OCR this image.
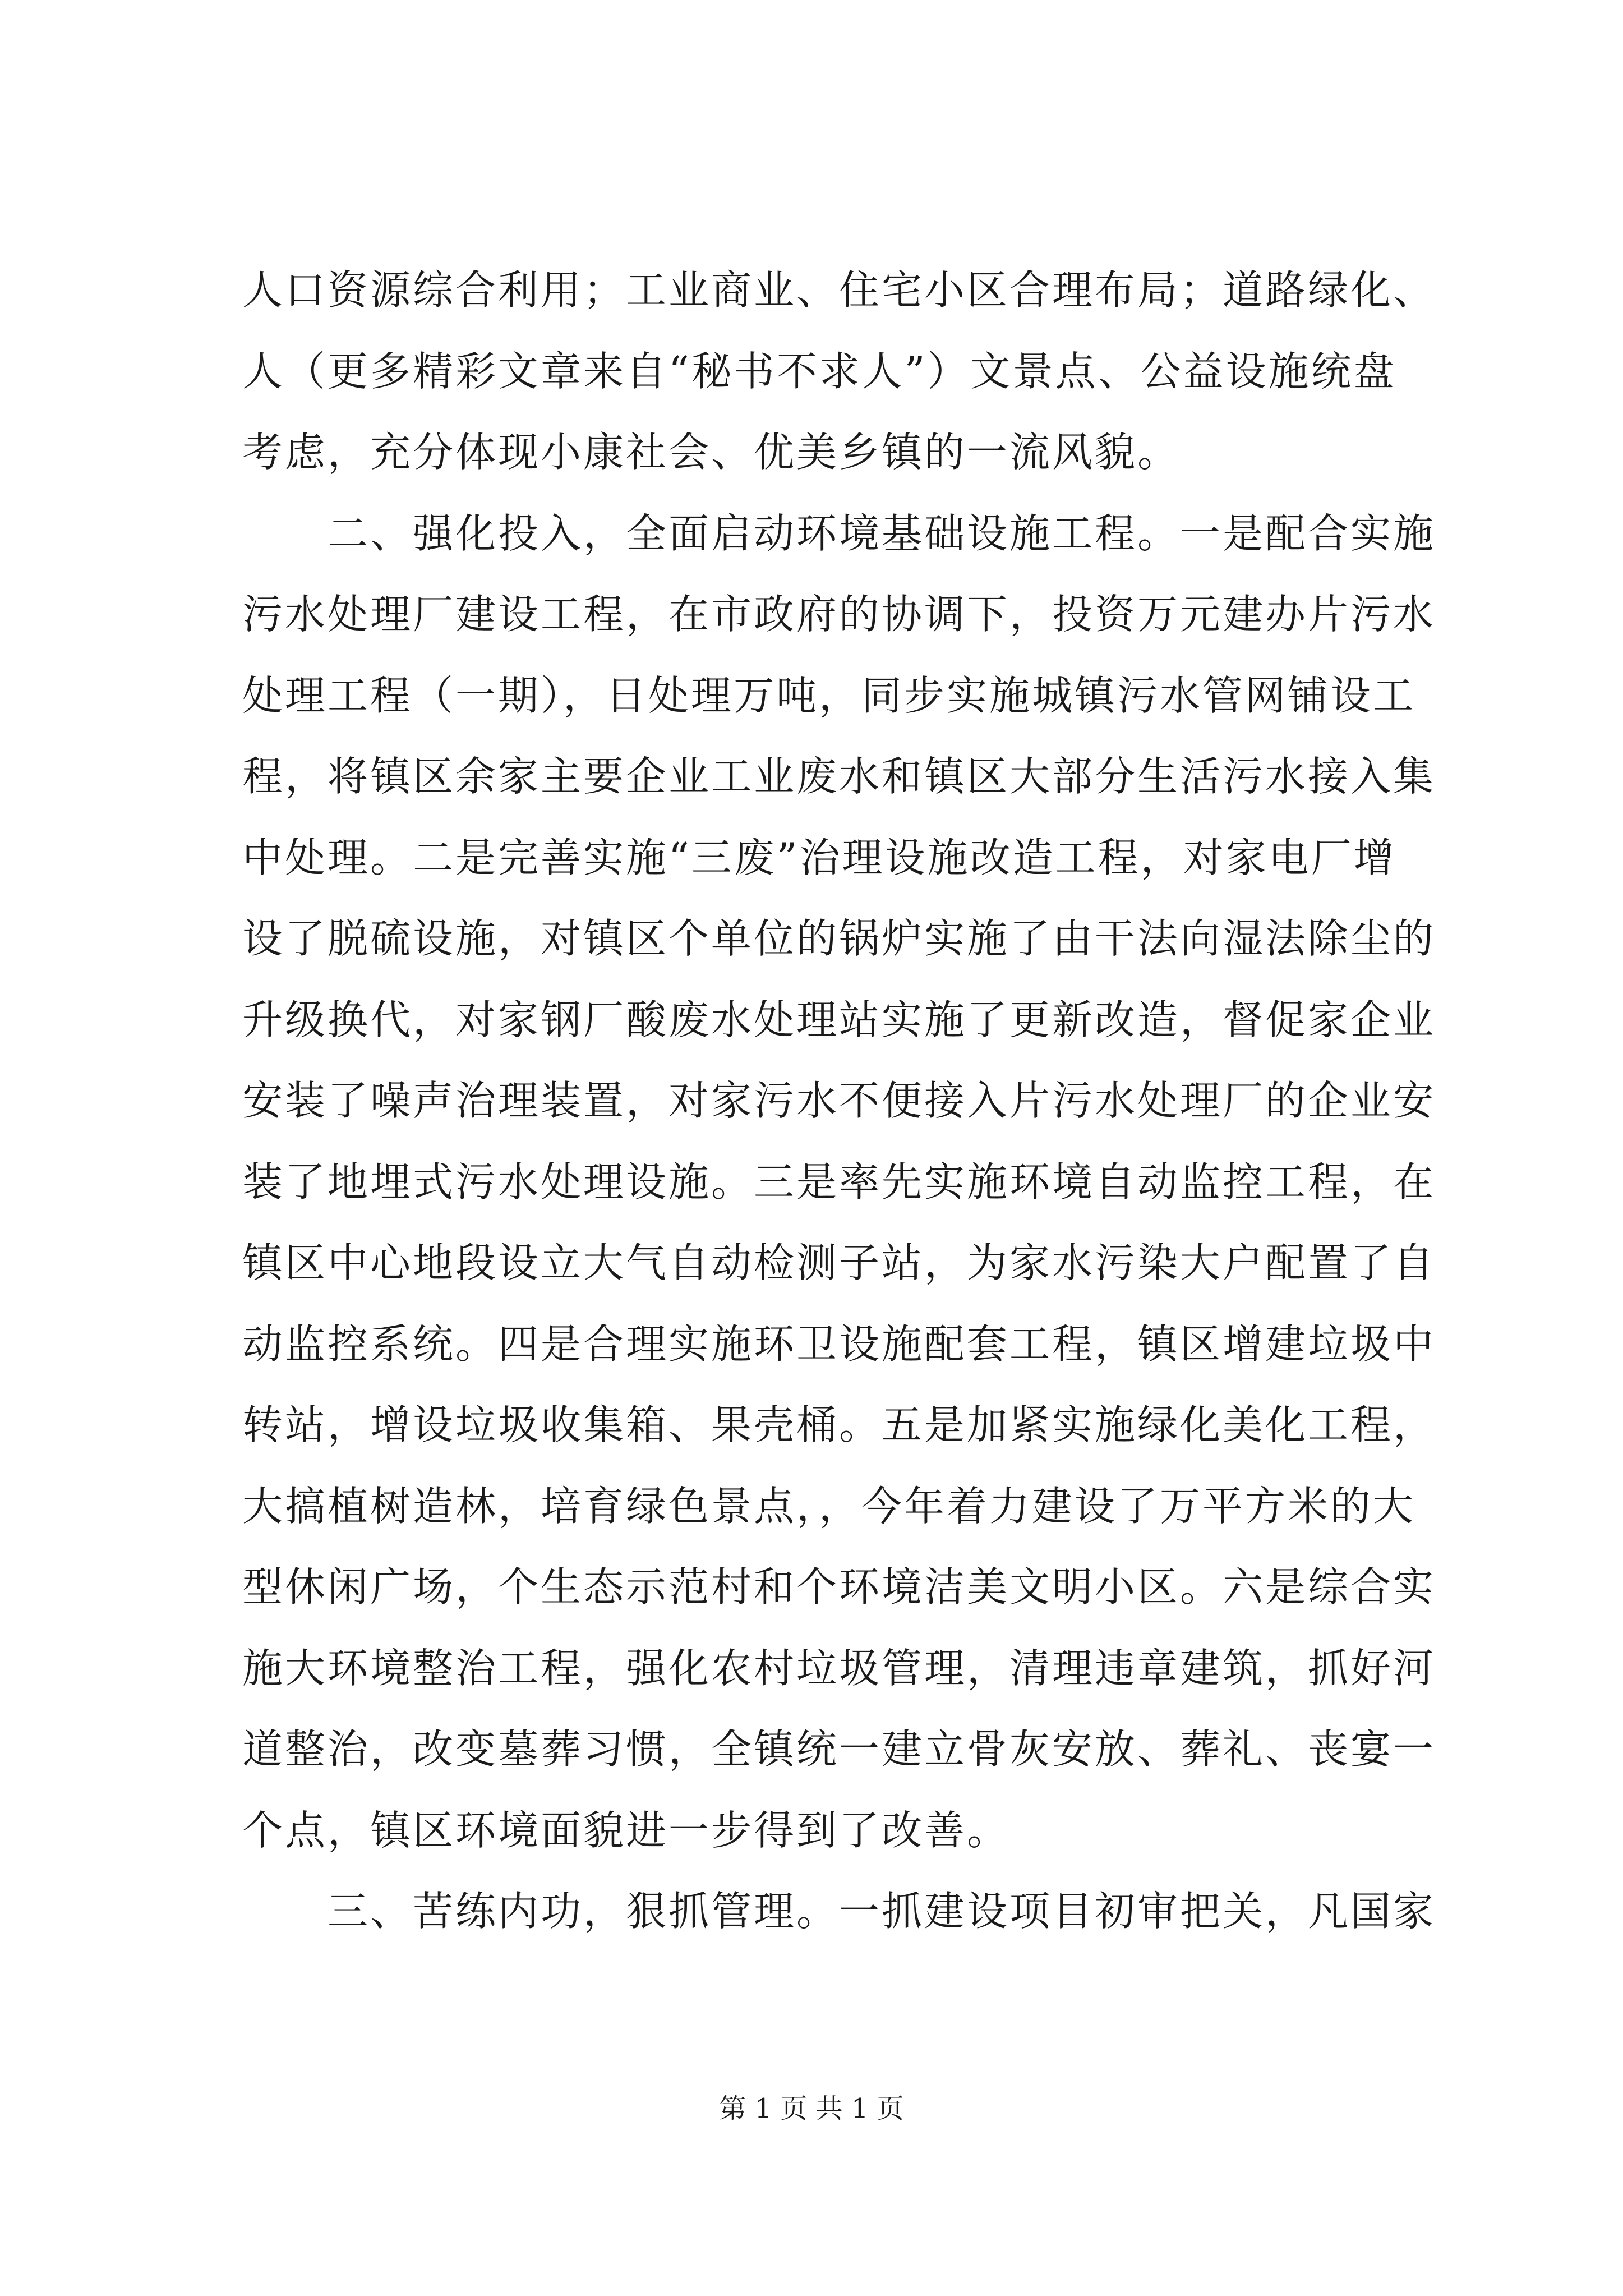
人口资源综合利用；工业商业、住宅小区合理布局；道路绿化、
人（更多精彩文章来自“秘书不求人”）文景点、公益设施统盘
考虑，充分体现小康社会、优美乡镇的一流风貌。
　　二、强化投入，全面启动环境基础设施工程。一是配合实施
污水处理厂建设工程，在市政府的协调下，投资万元建办片污水
处理工程（一期），日处理万吨，同步实施城镇污水管网铺设工
程，将镇区余家主要企业工业废水和镇区大部分生活污水接入集
中处理。二是完善实施“三废”治理设施改造工程，对家电厂增
设了脱硫设施，对镇区个单位的锅炉实施了由干法向湿法除尘的
升级换代，对家钢厂酸废水处理站实施了更新改造，督促家企业
安装了噪声治理装置，对家污水不便接入片污水处理厂的企业安
装了地埋式污水处理设施。三是率先实施环境自动监控工程，在
镇区中心地段设立大气自动检测子站，为家水污染大户配置了自
动监控系统。四是合理实施环卫设施配套工程，镇区增建垃圾中
转站，增设垃圾收集箱、果壳桶。五是加紧实施绿化美化工程，
大搞植树造林，培育绿色景点，，今年着力建设了万平方米的大
型休闲广场，个生态示范村和个环境洁美文明小区。六是综合实
施大环境整治工程，强化农村垃圾管理，清理违章建筑，抓好河
道整治，改变墓葬习惯，全镇统一建立骨灰安放、葬礼、丧宴一
个点，镇区环境面貌进一步得到了改善。
　　三、苦练内功，狠抓管理。一抓建设项目初审把关，凡国家
第 1 页 共 1 页
